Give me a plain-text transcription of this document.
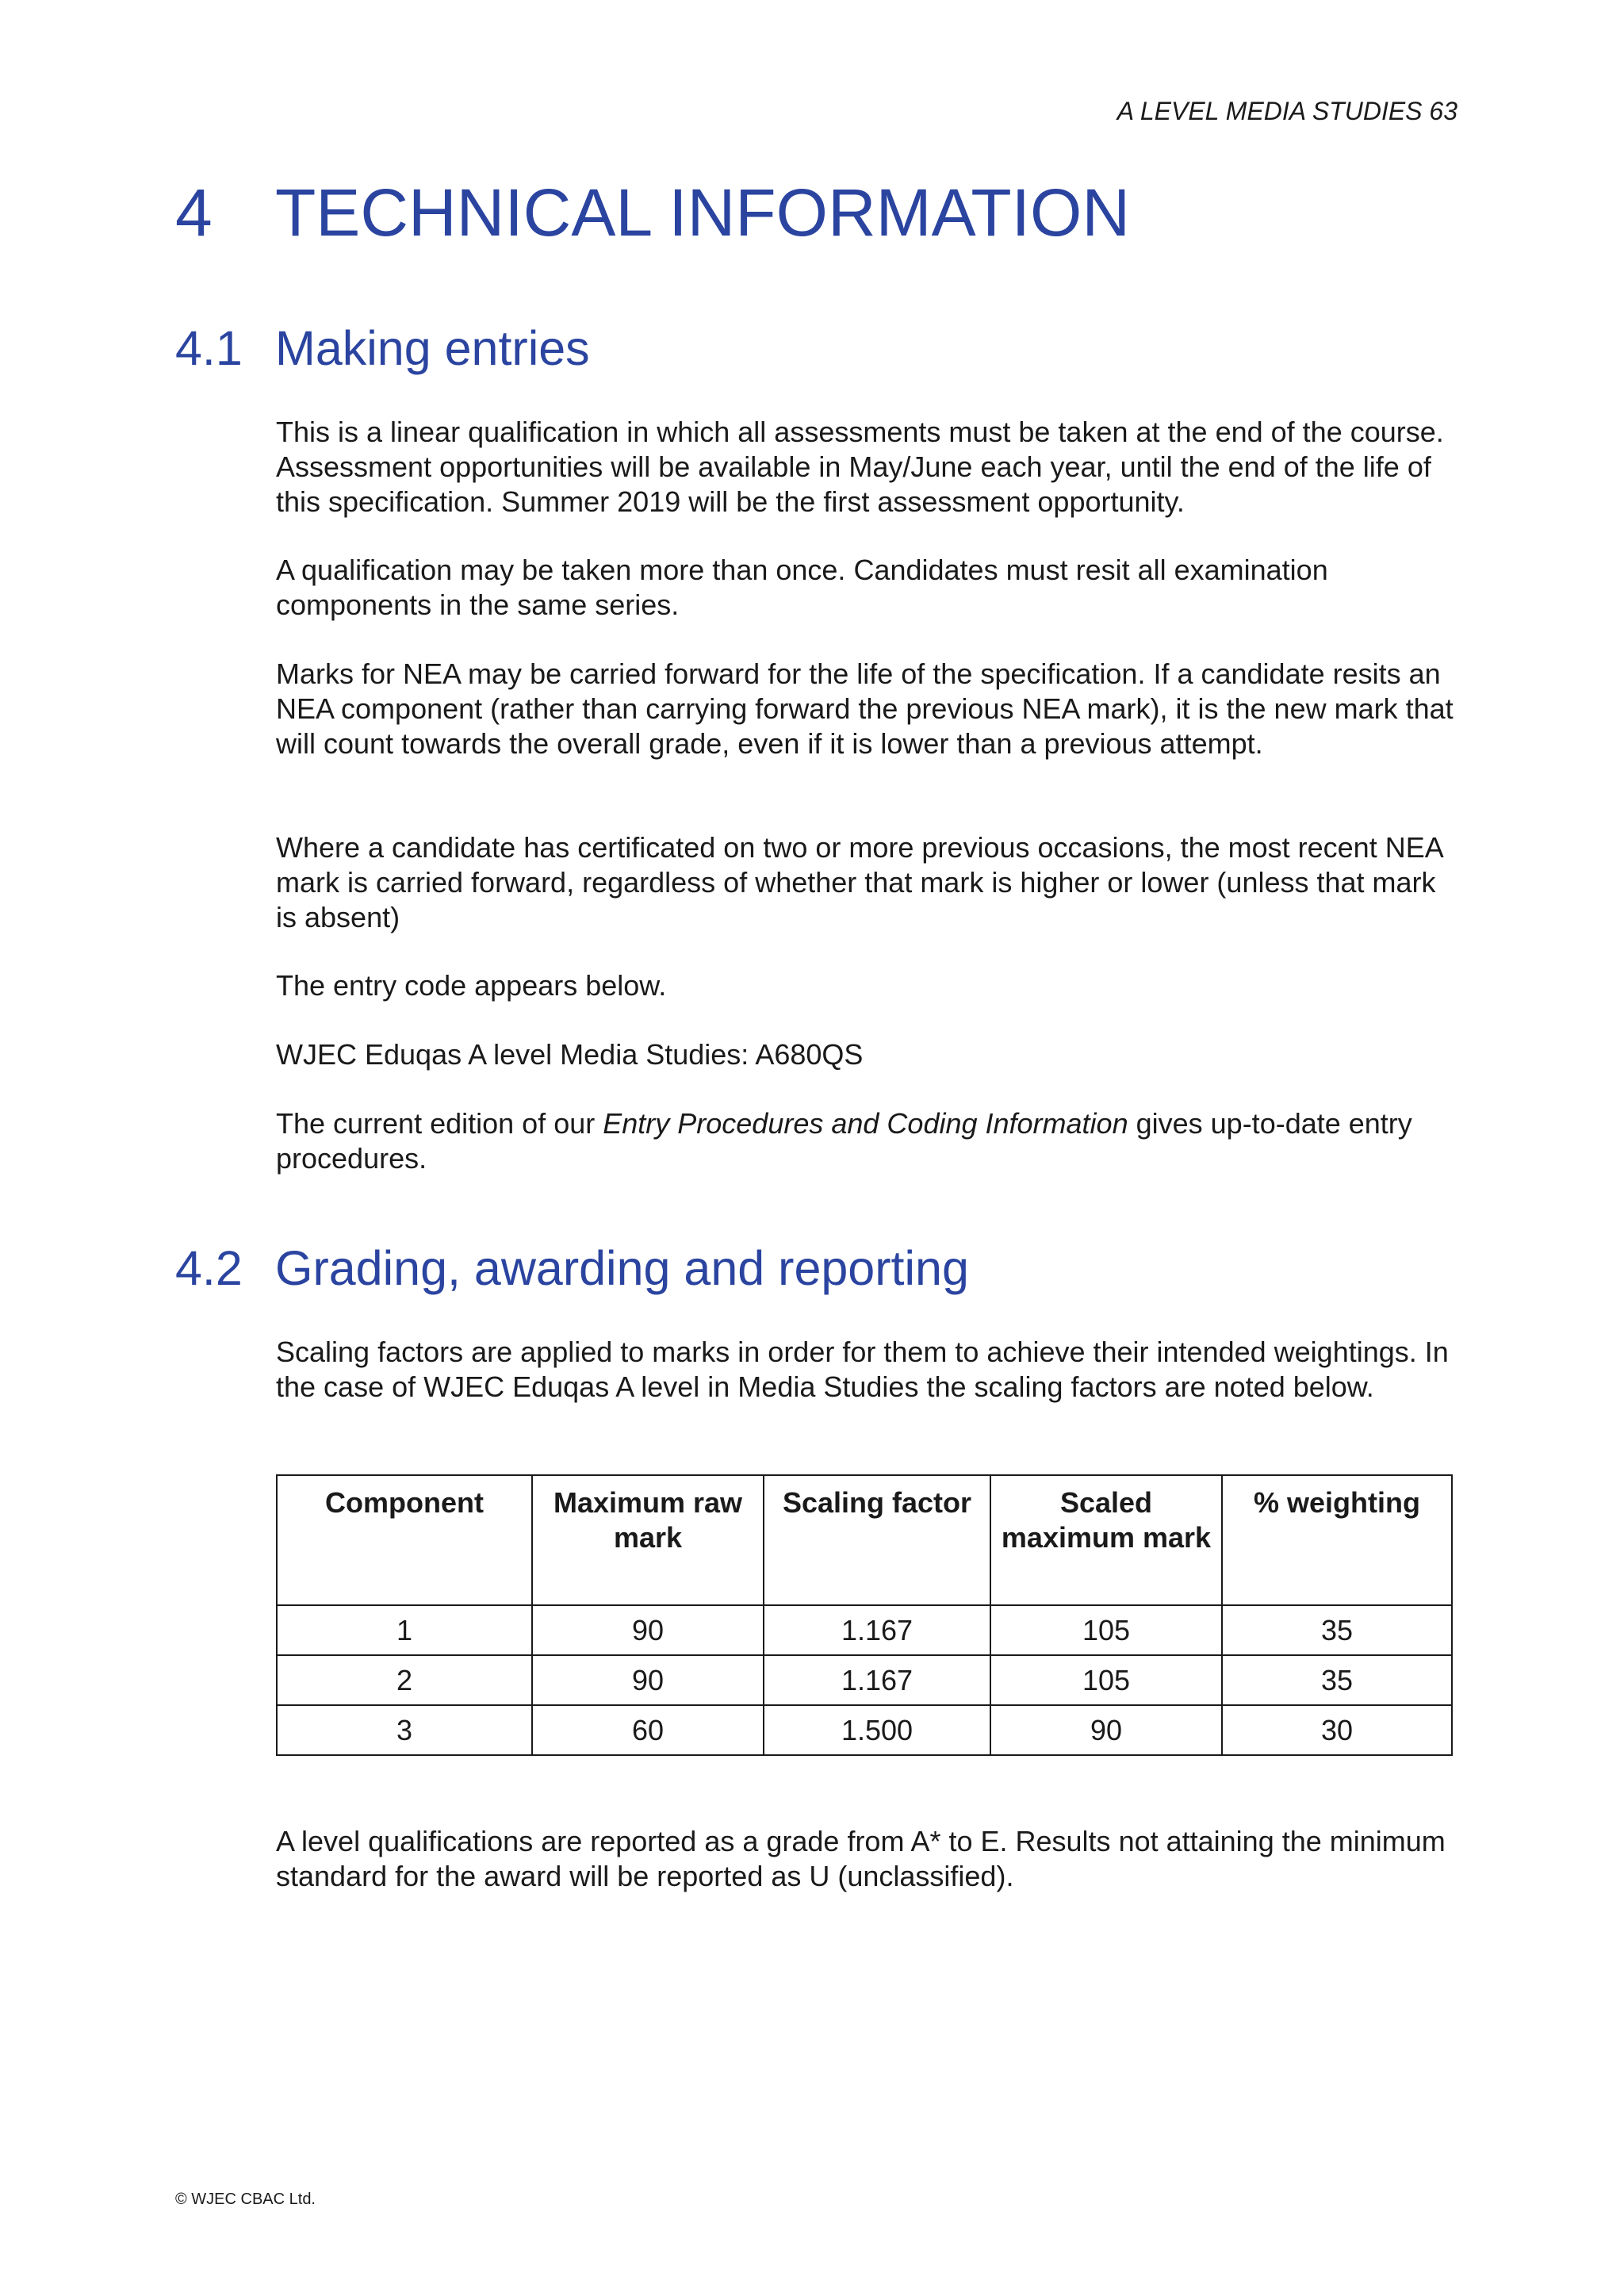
A LEVEL MEDIA STUDIES 63
4 TECHNICAL INFORMATION
4.1 Making entries

This is a linear qualification in which all assessments must be taken at the end of the course. Assessment opportunities will be available in May/June each year, until the end of the life of this specification. Summer 2019 will be the first assessment opportunity.

A qualification may be taken more than once. Candidates must resit all examination components in the same series.

Marks for NEA may be carried forward for the life of the specification. If a candidate resits an NEA component (rather than carrying forward the previous NEA mark), it is the new mark that will count towards the overall grade, even if it is lower than a previous attempt.

Where a candidate has certificated on two or more previous occasions, the most recent NEA mark is carried forward, regardless of whether that mark is higher or lower (unless that mark is absent)

The entry code appears below.

WJEC Eduqas A level Media Studies: A680QS

The current edition of our Entry Procedures and Coding Information gives up-to-date entry procedures.

4.2 Grading, awarding and reporting

Scaling factors are applied to marks in order for them to achieve their intended weightings. In the case of WJEC Eduqas A level in Media Studies the scaling factors are noted below.

Component	Maximum raw mark	Scaling factor	Scaled maximum mark	% weighting
1	90	1.167	105	35
2	90	1.167	105	35
3	60	1.500	90	30

A level qualifications are reported as a grade from A* to E. Results not attaining the minimum standard for the award will be reported as U (unclassified).

© WJEC CBAC Ltd.
